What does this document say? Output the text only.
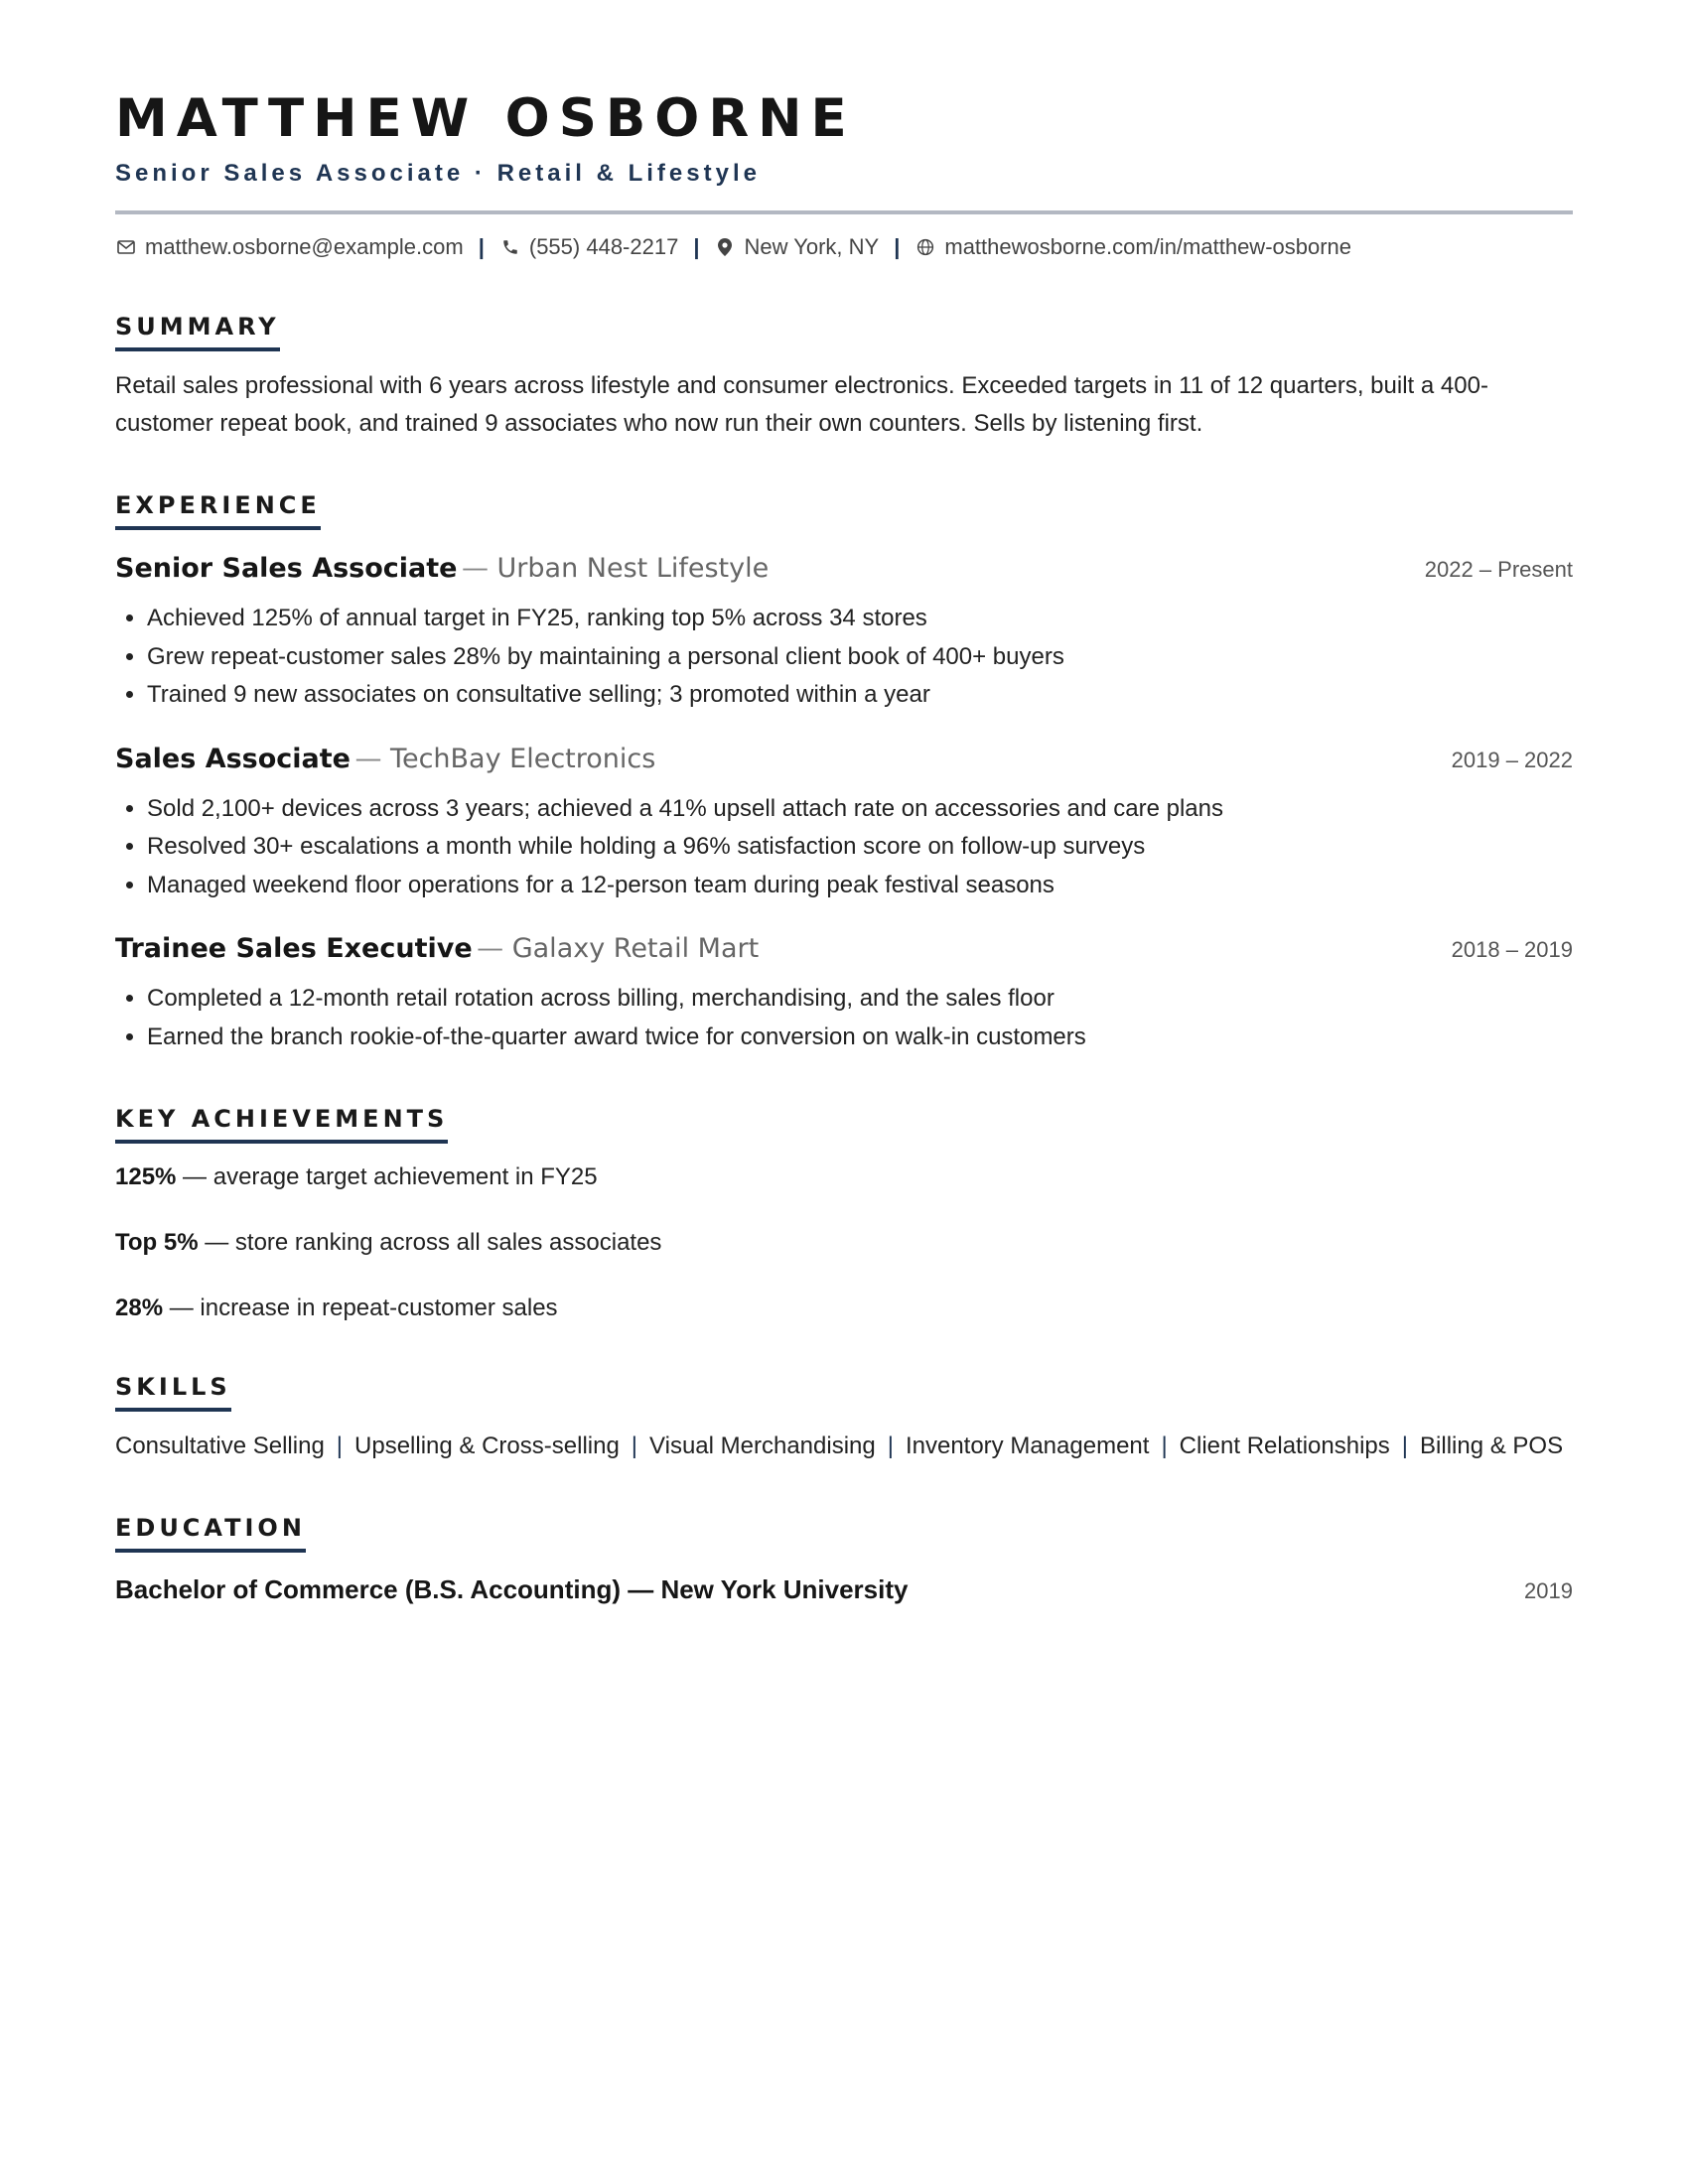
MATTHEW OSBORNE
Senior Sales Associate · Retail & Lifestyle
matthew.osborne@example.com | (555) 448-2217 | New York, NY | matthewosborne.com/in/matthew-osborne
SUMMARY
Retail sales professional with 6 years across lifestyle and consumer electronics. Exceeded targets in 11 of 12 quarters, built a 400-customer repeat book, and trained 9 associates who now run their own counters. Sells by listening first.
EXPERIENCE
Senior Sales Associate — Urban Nest Lifestyle	2022 – Present
• Achieved 125% of annual target in FY25, ranking top 5% across 34 stores
• Grew repeat-customer sales 28% by maintaining a personal client book of 400+ buyers
• Trained 9 new associates on consultative selling; 3 promoted within a year
Sales Associate — TechBay Electronics	2019 – 2022
• Sold 2,100+ devices across 3 years; achieved a 41% upsell attach rate on accessories and care plans
• Resolved 30+ escalations a month while holding a 96% satisfaction score on follow-up surveys
• Managed weekend floor operations for a 12-person team during peak festival seasons
Trainee Sales Executive — Galaxy Retail Mart	2018 – 2019
• Completed a 12-month retail rotation across billing, merchandising, and the sales floor
• Earned the branch rookie-of-the-quarter award twice for conversion on walk-in customers
KEY ACHIEVEMENTS
125% — average target achievement in FY25
Top 5% — store ranking across all sales associates
28% — increase in repeat-customer sales
SKILLS
Consultative Selling | Upselling & Cross-selling | Visual Merchandising | Inventory Management | Client Relationships | Billing & POS
EDUCATION
Bachelor of Commerce (B.S. Accounting) — New York University	2019
